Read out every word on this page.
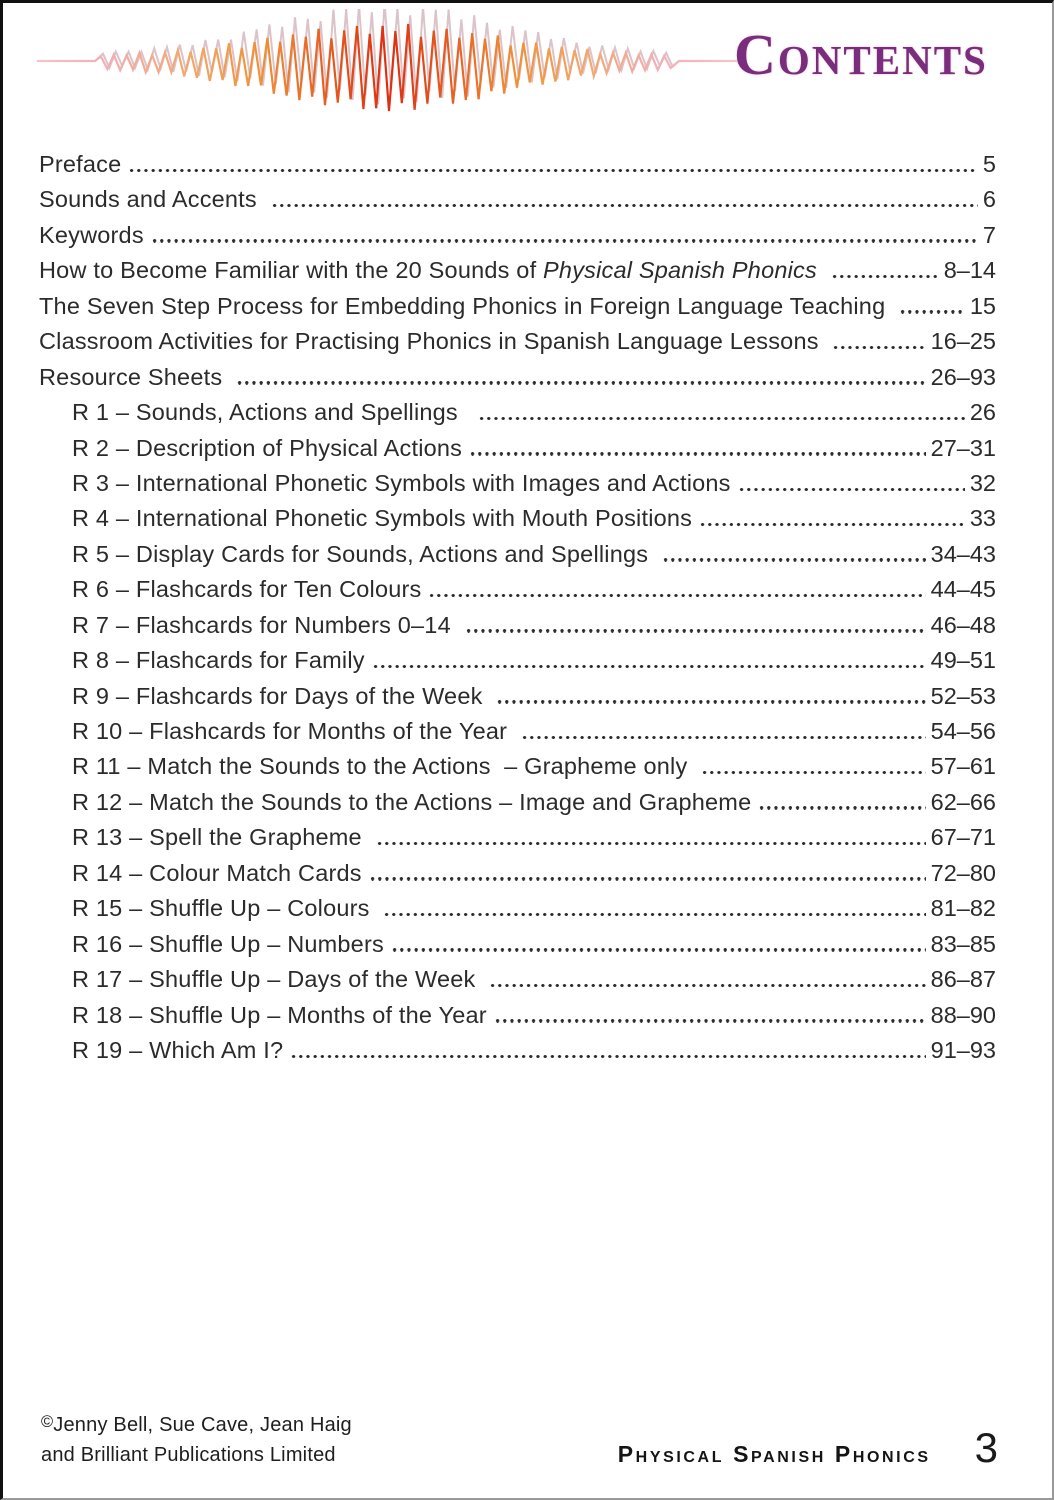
Contents
Preface	5
Sounds and Accents	6
Keywords	7
How to Become Familiar with the 20 Sounds of Physical Spanish Phonics	8–14
The Seven Step Process for Embedding Phonics in Foreign Language Teaching	15
Classroom Activities for Practising Phonics in Spanish Language Lessons	16–25
Resource Sheets	26–93
R 1 – Sounds, Actions and Spellings	26
R 2 – Description of Physical Actions	27–31
R 3 – International Phonetic Symbols with Images and Actions	32
R 4 – International Phonetic Symbols with Mouth Positions	33
R 5 – Display Cards for Sounds, Actions and Spellings	34–43
R 6 – Flashcards for Ten Colours	44–45
R 7 – Flashcards for Numbers 0–14	46–48
R 8 – Flashcards for Family	49–51
R 9 – Flashcards for Days of the Week	52–53
R 10 – Flashcards for Months of the Year	54–56
R 11 – Match the Sounds to the Actions  – Grapheme only	57–61
R 12 – Match the Sounds to the Actions – Image and Grapheme	62–66
R 13 – Spell the Grapheme	67–71
R 14 – Colour Match Cards	72–80
R 15 – Shuffle Up – Colours	81–82
R 16 – Shuffle Up – Numbers	83–85
R 17 – Shuffle Up – Days of the Week	86–87
R 18 – Shuffle Up – Months of the Year	88–90
R 19 – Which Am I?	91–93
©Jenny Bell, Sue Cave, Jean Haig
and Brilliant Publications Limited	Physical Spanish Phonics 3
